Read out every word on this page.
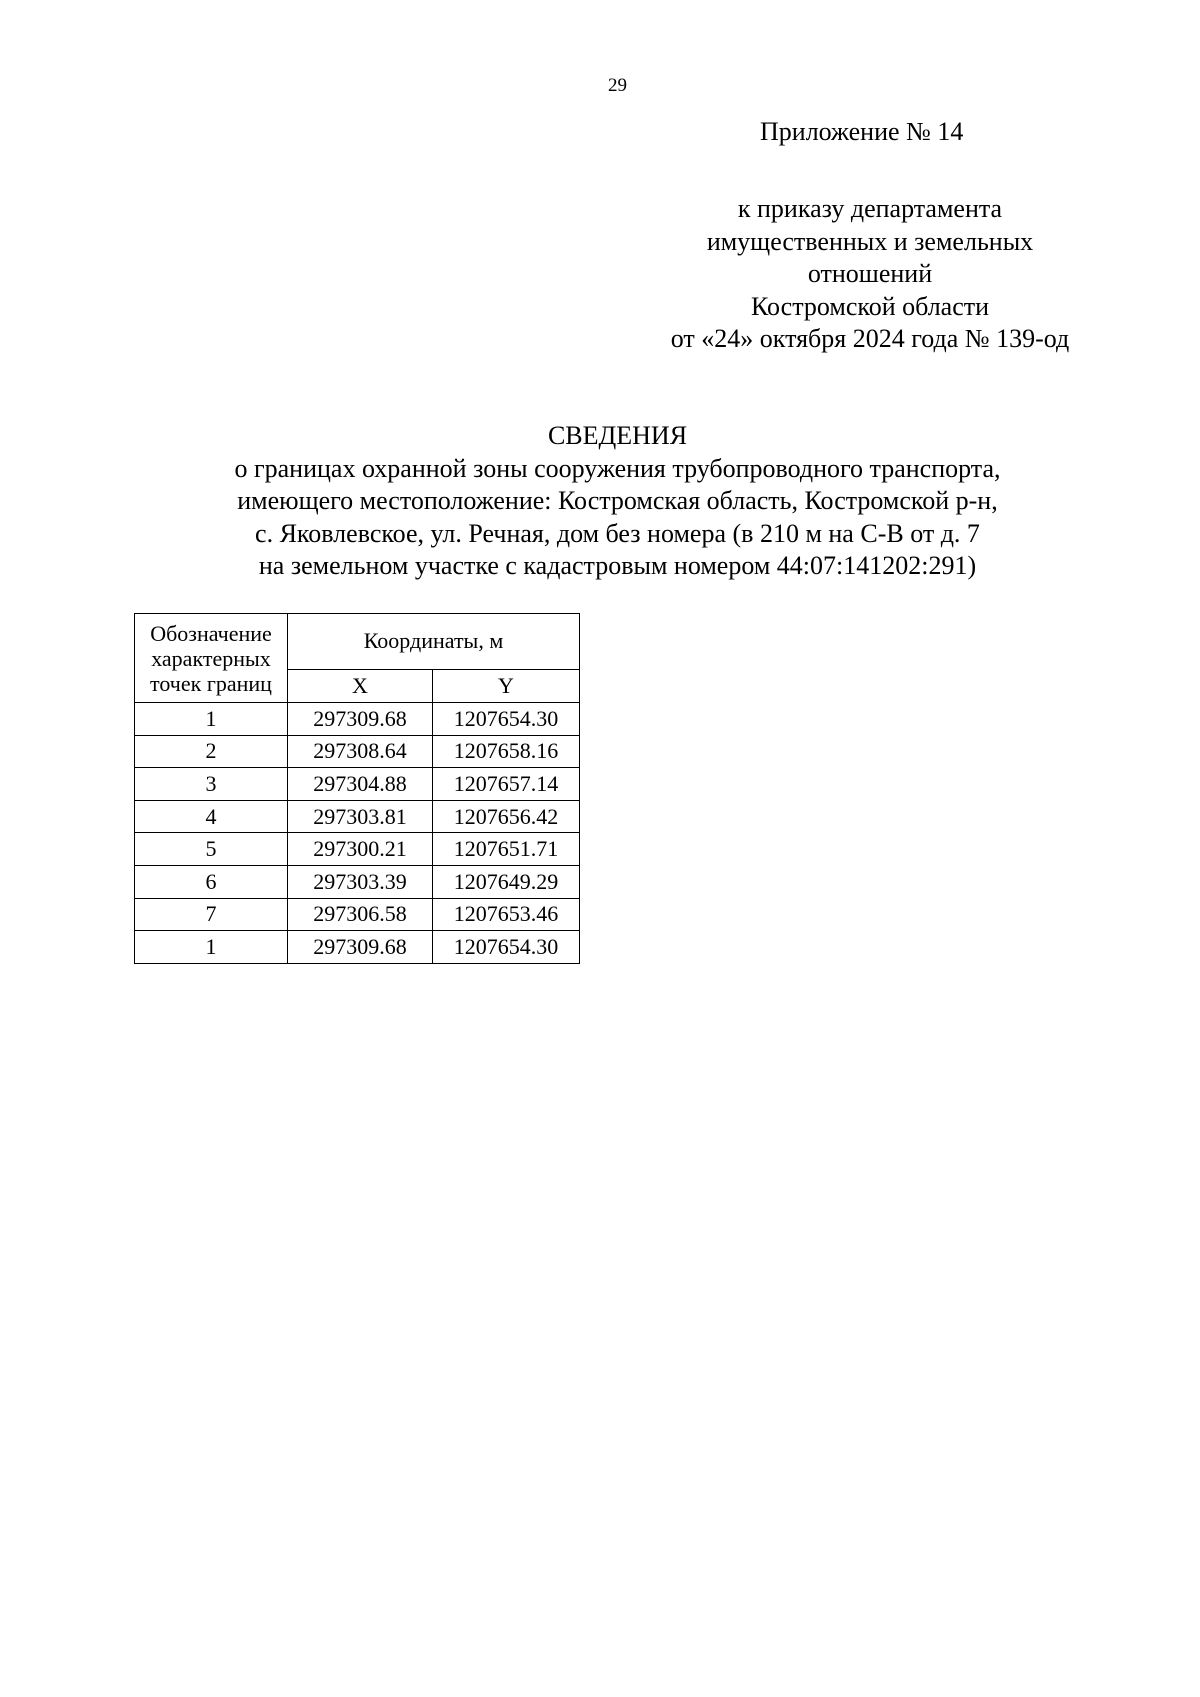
29
Приложение № 14
к приказу департамента
имущественных и земельных
отношений
Костромской области
от «24» октября 2024 года № 139-од
СВЕДЕНИЯ
о границах охранной зоны сооружения трубопроводного транспорта,
имеющего местоположение: Костромская область, Костромской р-н,
с. Яковлевское, ул. Речная, дом без номера (в 210 м на С-В от д. 7
на земельном участке с кадастровым номером 44:07:141202:291)
Обозначение
характерных
точек границ	Координаты, м	
	X	Y
1	297309.68	1207654.30
2	297308.64	1207658.16
3	297304.88	1207657.14
4	297303.81	1207656.42
5	297300.21	1207651.71
6	297303.39	1207649.29
7	297306.58	1207653.46
1	297309.68	1207654.30
